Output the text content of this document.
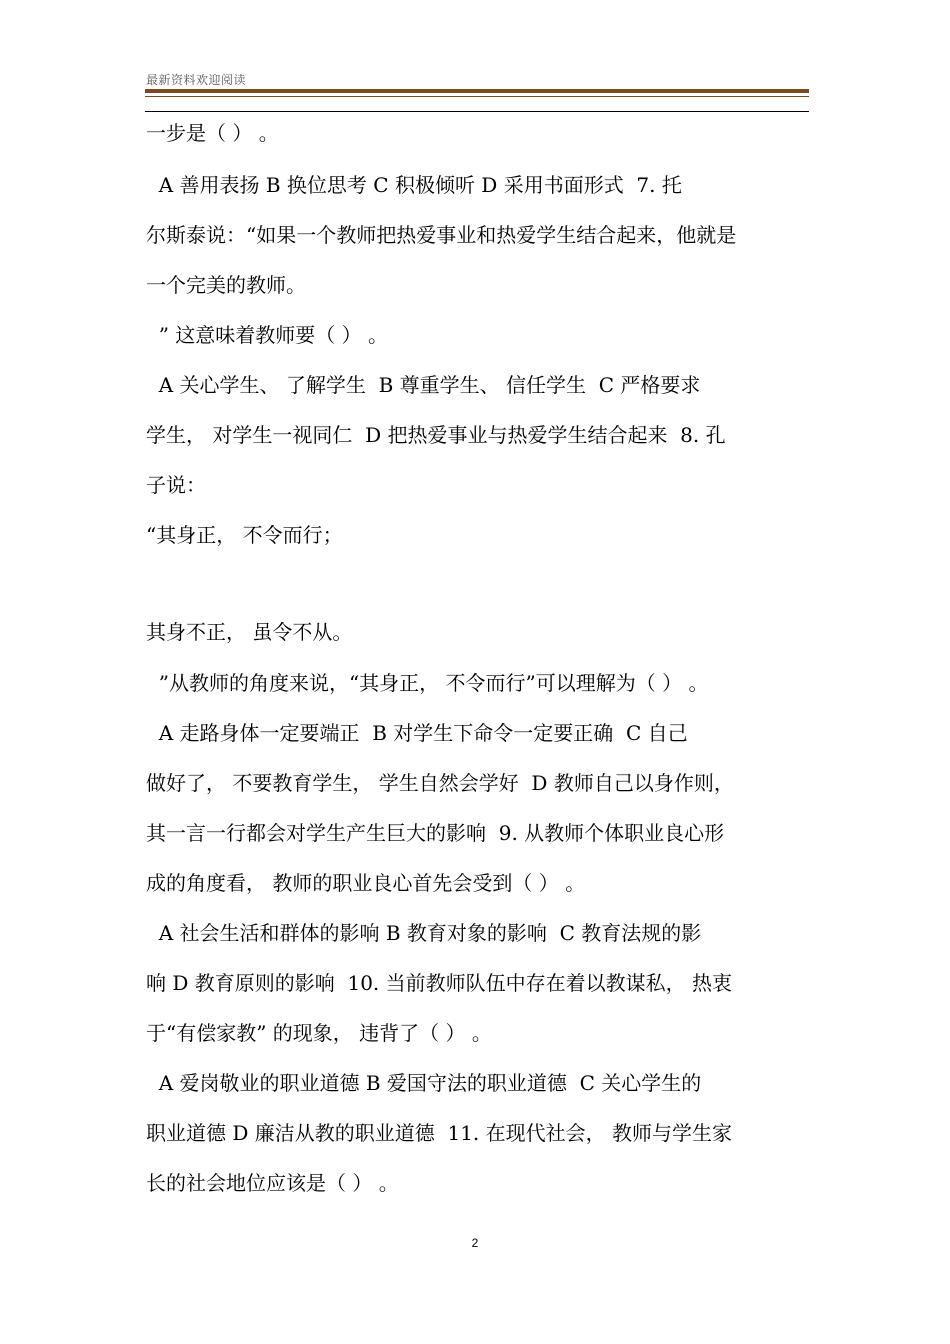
最新资料欢迎阅读
一步是（ ） 。
A 善用表扬 B 换位思考 C 积极倾听 D 采用书面形式  7. 托
尔斯泰说：“如果一个教师把热爱事业和热爱学生结合起来，他就是
一个完美的教师。
” 这意味着教师要（ ） 。
A 关心学生、 了解学生  B 尊重学生、 信任学生  C 严格要求
学生， 对学生一视同仁  D 把热爱事业与热爱学生结合起来  8. 孔
子说：
“其身正， 不令而行；
其身不正， 虽令不从。
”从教师的角度来说，“其身正， 不令而行”可以理解为（ ） 。
A 走路身体一定要端正  B 对学生下命令一定要正确  C 自己
做好了， 不要教育学生， 学生自然会学好  D 教师自己以身作则，
其一言一行都会对学生产生巨大的影响  9. 从教师个体职业良心形
成的角度看， 教师的职业良心首先会受到（ ） 。
A 社会生活和群体的影响 B 教育对象的影响  C 教育法规的影
响 D 教育原则的影响  10. 当前教师队伍中存在着以教谋私， 热衷
于“有偿家教” 的现象， 违背了（ ） 。
A 爱岗敬业的职业道德 B 爱国守法的职业道德  C 关心学生的
职业道德 D 廉洁从教的职业道德  11. 在现代社会， 教师与学生家
长的社会地位应该是（ ） 。
2
